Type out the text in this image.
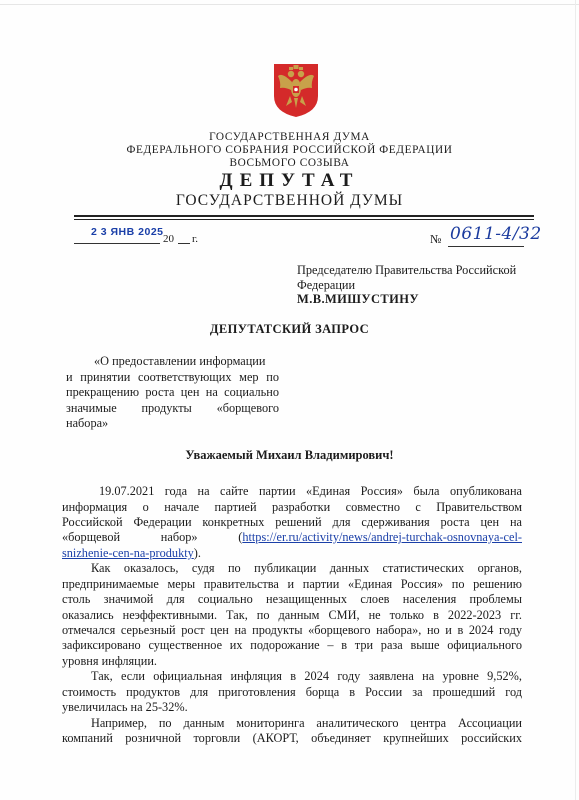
ГОСУДАРСТВЕННАЯ ДУМА
ФЕДЕРАЛЬНОГО СОБРАНИЯ РОССИЙСКОЙ ФЕДЕРАЦИИ
ВОСЬМОГО СОЗЫВА
ДЕПУТАТ
ГОСУДАРСТВЕННОЙ ДУМЫ
2 3 ЯНВ 2025
20 г.	№ 0611-4/32
Председателю Правительства Российской
Федерации
М.В.МИШУСТИНУ
ДЕПУТАТСКИЙ ЗАПРОС
«О предоставлении информации
и принятии соответствующих мер по
прекращению роста цен на социально
значимые продукты «борщевого
набора»
Уважаемый Михаил Владимирович!
19.07.2021 года на сайте партии «Единая Россия» была опубликована
информация о начале партией разработки совместно с Правительством
Российской Федерации конкретных решений для сдерживания роста цен на
«борщевой набор» (https://er.ru/activity/news/andrej-turchak-osnovnaya-cel-
snizhenie-cen-na-produkty).
Как оказалось, судя по публикации данных статистических органов,
предпринимаемые меры правительства и партии «Единая Россия» по решению
столь значимой для социально незащищенных слоев населения проблемы
оказались неэффективными. Так, по данным СМИ, не только в 2022-2023 гг.
отмечался серьезный рост цен на продукты «борщевого набора», но и в 2024 году
зафиксировано существенное их подорожание – в три раза выше официального
уровня инфляции.
Так, если официальная инфляция в 2024 году заявлена на уровне 9,52%,
стоимость продуктов для приготовления борща в России за прошедший год
увеличилась на 25-32%.
Например, по данным мониторинга аналитического центра Ассоциации
компаний розничной торговли (АКОРТ, объединяет крупнейших российских
